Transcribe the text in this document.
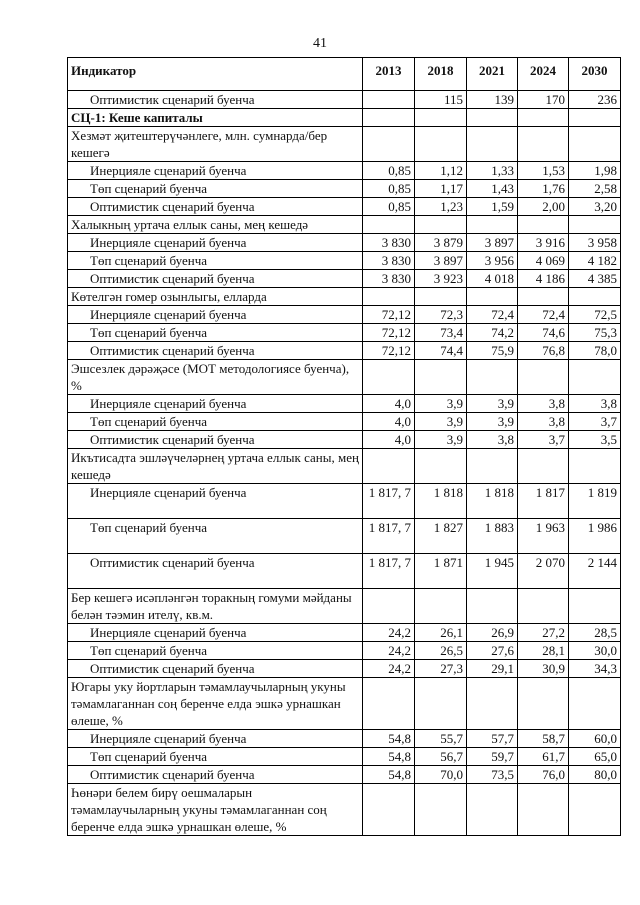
41
Индикатор	2013	2018	2021	2024	2030
Оптимистик сценарий буенча		115	139	170	236
СЦ-1: Кеше капиталы					
Хезмәт җитештерүчәнлеге, млн. сумнарда/бер кешегә					
Инерцияле сценарий буенча	0,85	1,12	1,33	1,53	1,98
Төп сценарий буенча	0,85	1,17	1,43	1,76	2,58
Оптимистик сценарий буенча	0,85	1,23	1,59	2,00	3,20
Халыкның уртача еллык саны, мең кешедә					
Инерцияле сценарий буенча	3 830	3 879	3 897	3 916	3 958
Төп сценарий буенча	3 830	3 897	3 956	4 069	4 182
Оптимистик сценарий буенча	3 830	3 923	4 018	4 186	4 385
Көтелгән гомер озынлыгы, елларда					
Инерцияле сценарий буенча	72,12	72,3	72,4	72,4	72,5
Төп сценарий буенча	72,12	73,4	74,2	74,6	75,3
Оптимистик сценарий буенча	72,12	74,4	75,9	76,8	78,0
Эшсезлек дәрәҗәсе (МОТ методологиясе буенча), %					
Инерцияле сценарий буенча	4,0	3,9	3,9	3,8	3,8
Төп сценарий буенча	4,0	3,9	3,9	3,8	3,7
Оптимистик сценарий буенча	4,0	3,9	3,8	3,7	3,5
Икътисадта эшләүчеләрнең уртача еллык саны, мең кешедә					
Инерцияле сценарий буенча	1 817, 7	1 818	1 818	1 817	1 819
Төп сценарий буенча	1 817, 7	1 827	1 883	1 963	1 986
Оптимистик сценарий буенча	1 817, 7	1 871	1 945	2 070	2 144
Бер кешегә исәпләнгән торакның гомуми мәйданы белән тәэмин ителү, кв.м.					
Инерцияле сценарий буенча	24,2	26,1	26,9	27,2	28,5
Төп сценарий буенча	24,2	26,5	27,6	28,1	30,0
Оптимистик сценарий буенча	24,2	27,3	29,1	30,9	34,3
Югары уку йортларын тәмамлаучыларның укуны тәмамлаганнан соң беренче елда эшкә урнашкан өлеше, %					
Инерцияле сценарий буенча	54,8	55,7	57,7	58,7	60,0
Төп сценарий буенча	54,8	56,7	59,7	61,7	65,0
Оптимистик сценарий буенча	54,8	70,0	73,5	76,0	80,0
Һөнәри белем бирү оешмаларын тәмамлаучыларның укуны тәмамлаганнан соң беренче елда эшкә урнашкан өлеше, %					
